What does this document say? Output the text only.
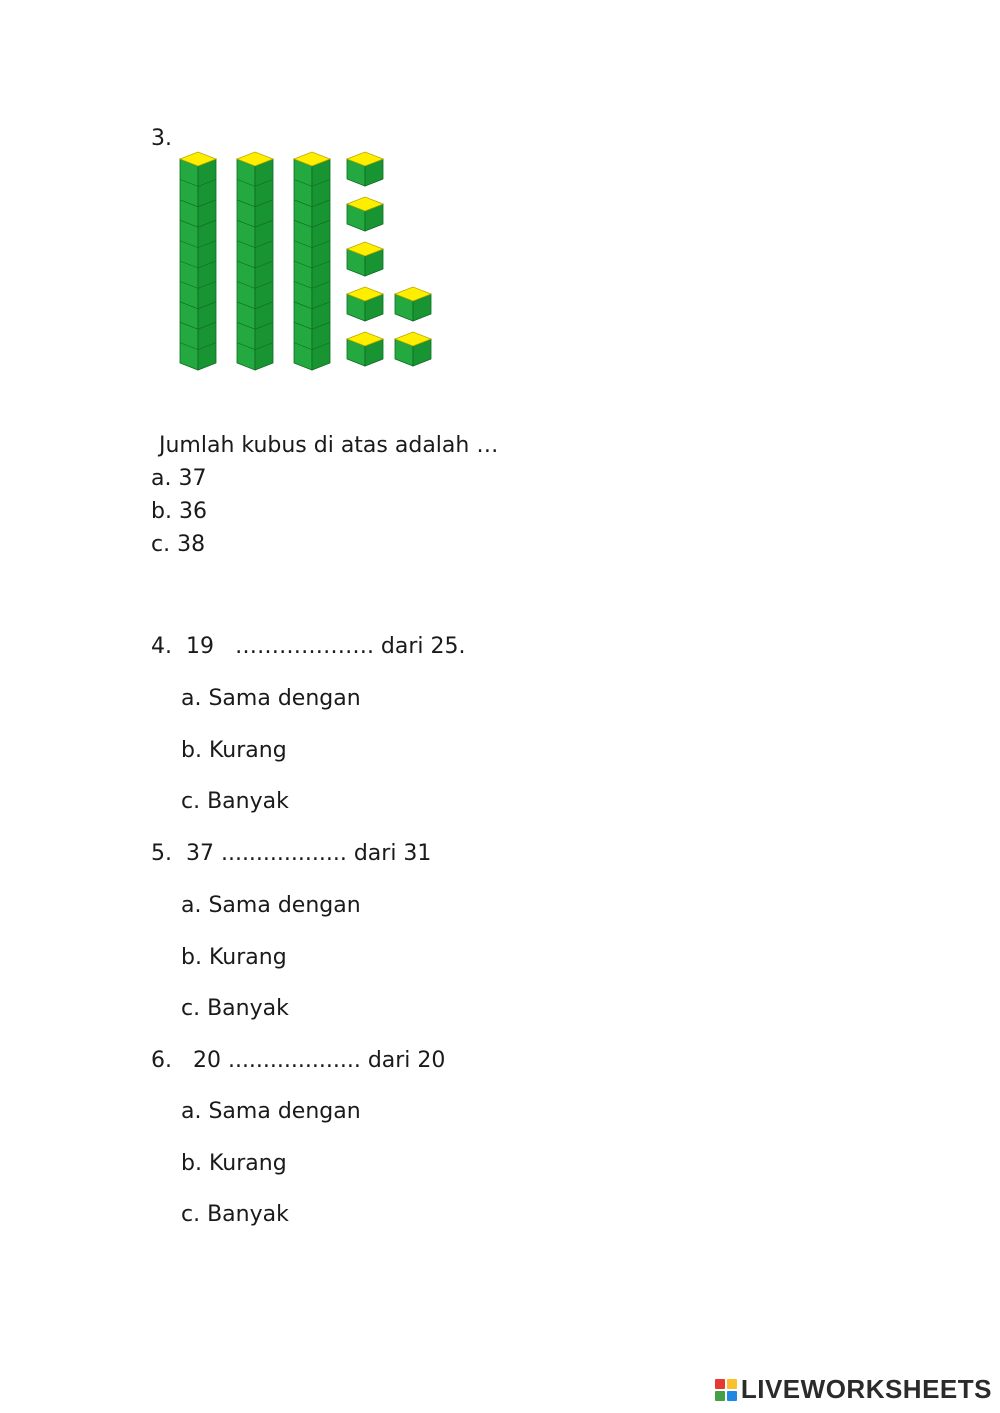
3.
Jumlah kubus di atas adalah …
a. 37
b. 36
c. 38
4.  19   ………………. dari 25.
a. Sama dengan
b. Kurang
c. Banyak
5.  37 .................. dari 31
a. Sama dengan
b. Kurang
c. Banyak
6.   20 ................... dari 20
a. Sama dengan
b. Kurang
c. Banyak
LIVEWORKSHEETS
